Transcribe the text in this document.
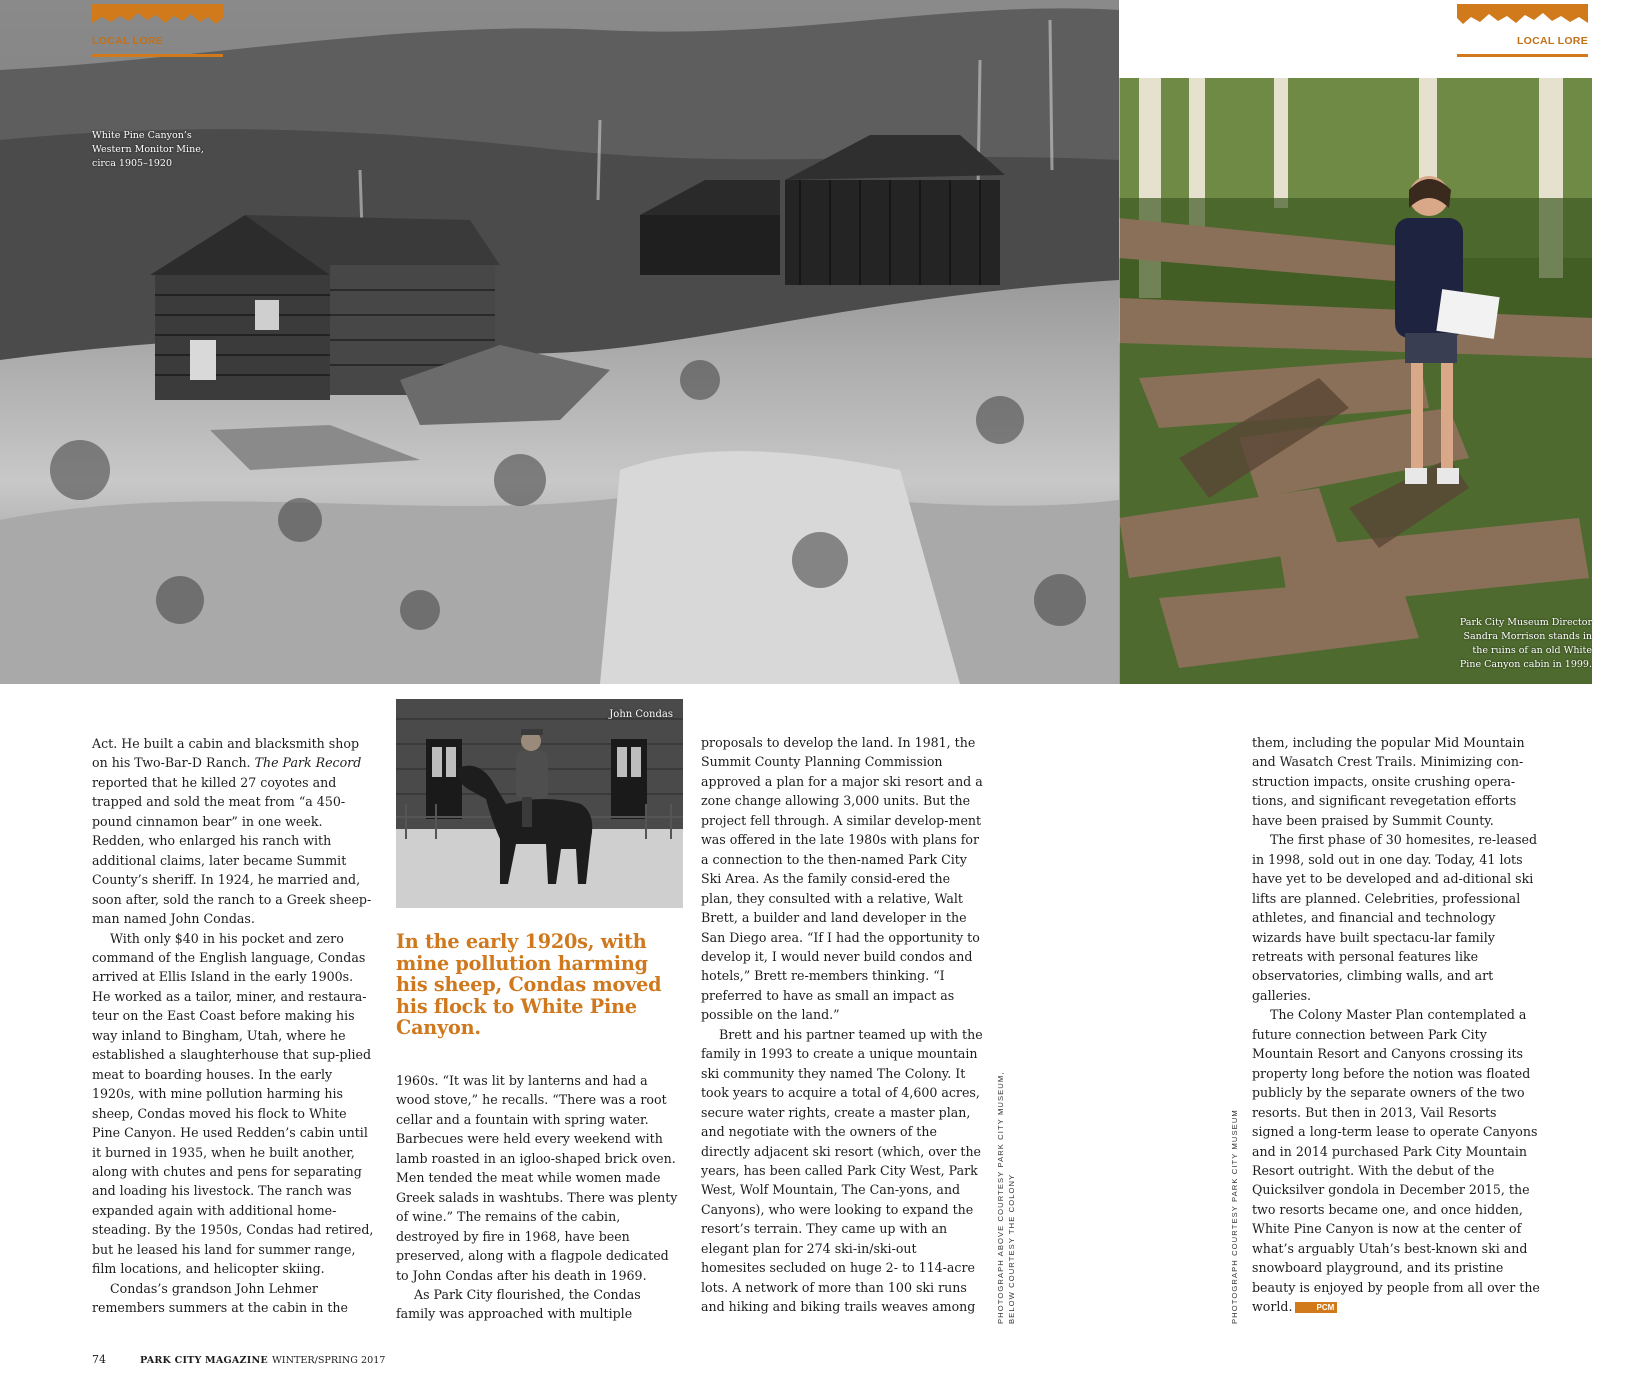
LOCAL LORE	LOCAL LORE
White Pine Canyon’s
Western Monitor Mine,
circa 1905–1920
Park City Museum Director
Sandra Morrison stands in
the ruins of an old White
Pine Canyon cabin in 1999.

Act. He built a cabin and blacksmith shop on his Two-Bar-D Ranch. The Park Record reported that he killed 27 coyotes and trapped and sold the meat from “a 450-pound cinnamon bear” in one week. Redden, who enlarged his ranch with additional claims, later became Summit County’s sheriff. In 1924, he married and, soon after, sold the ranch to a Greek sheep-man named John Condas.

With only $40 in his pocket and zero command of the English language, Condas arrived at Ellis Island in the early 1900s. He worked as a tailor, miner, and restaura-teur on the East Coast before making his way inland to Bingham, Utah, where he established a slaughterhouse that sup-plied meat to boarding houses. In the early 1920s, with mine pollution harming his sheep, Condas moved his flock to White Pine Canyon. He used Redden’s cabin until it burned in 1935, when he built another, along with chutes and pens for separating and loading his livestock. The ranch was expanded again with additional home-steading. By the 1950s, Condas had retired, but he leased his land for summer range, film locations, and helicopter skiing.

Condas’s grandson John Lehmer remembers summers at the cabin in the

John Condas
In the early 1920s, with mine pollution harming his sheep, Condas moved his flock to White Pine Canyon.

1960s. “It was lit by lanterns and had a wood stove,” he recalls. “There was a root cellar and a fountain with spring water. Barbecues were held every weekend with lamb roasted in an igloo-shaped brick oven. Men tended the meat while women made Greek salads in washtubs. There was plenty of wine.” The remains of the cabin, destroyed by fire in 1968, have been preserved, along with a flagpole dedicated to John Condas after his death in 1969.

As Park City flourished, the Condas family was approached with multiple

proposals to develop the land. In 1981, the Summit County Planning Commission approved a plan for a major ski resort and a zone change allowing 3,000 units. But the project fell through. A similar develop-ment was offered in the late 1980s with plans for a connection to the then-named Park City Ski Area. As the family consid-ered the plan, they consulted with a relative, Walt Brett, a builder and land developer in the San Diego area. “If I had the opportunity to develop it, I would never build condos and hotels,” Brett re-members thinking. “I preferred to have as small an impact as possible on the land.”

Brett and his partner teamed up with the family in 1993 to create a unique mountain ski community they named The Colony. It took years to acquire a total of 4,600 acres, secure water rights, create a master plan, and negotiate with the owners of the directly adjacent ski resort (which, over the years, has been called Park City West, Park West, Wolf Mountain, The Can-yons, and Canyons), who were looking to expand the resort’s terrain. They came up with an elegant plan for 274 ski-in/ski-out homesites secluded on huge 2- to 114-acre lots. A network of more than 100 ski runs and hiking and biking trails weaves among

them, including the popular Mid Mountain and Wasatch Crest Trails. Minimizing con-struction impacts, onsite crushing opera-tions, and significant revegetation efforts have been praised by Summit County.

The first phase of 30 homesites, re-leased in 1998, sold out in one day. Today, 41 lots have yet to be developed and ad-ditional ski lifts are planned. Celebrities, professional athletes, and financial and technology wizards have built spectacu-lar family retreats with personal features like observatories, climbing walls, and art galleries.

The Colony Master Plan contemplated a future connection between Park City Mountain Resort and Canyons crossing its property long before the notion was floated publicly by the separate owners of the two resorts. But then in 2013, Vail Resorts signed a long-term lease to operate Canyons and in 2014 purchased Park City Mountain Resort outright. With the debut of the Quicksilver gondola in December 2015, the two resorts became one, and once hidden, White Pine Canyon is now at the center of what’s arguably Utah’s best-known ski and snowboard playground, and its pristine beauty is enjoyed by people from all over the world.	PCM

PHOTOGRAPH ABOVE COURTESY PARK CITY MUSEUM, BELOW COURTESY THE COLONY	PHOTOGRAPH COURTESY PARK CITY MUSEUM
74	PARK CITY MAGAZINE WINTER/SPRING 2017
